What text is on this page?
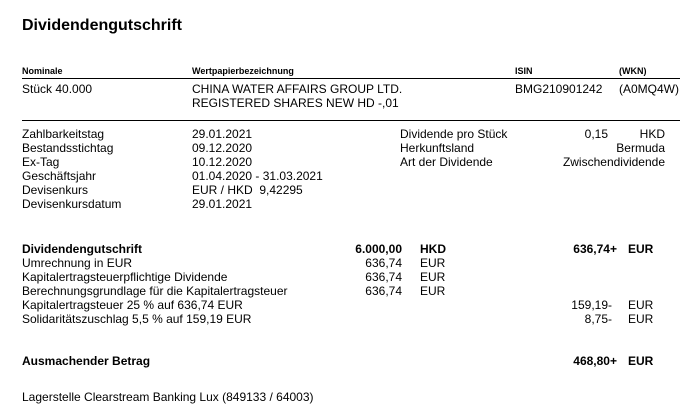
Dividendengutschrift
Nominale	Wertpapierbezeichnung	ISIN	(WKN)
Stück 40.000	CHINA WATER AFFAIRS GROUP LTD.
REGISTERED SHARES NEW HD -,01
BMG210901242 (A0MQ4W)
Zahlbarkeitstag	29.01.2021
Bestandsstichtag	09.12.2020
Ex-Tag	10.12.2020
Geschäftsjahr	01.04.2020 - 31.03.2021
Devisenkurs	EUR / HKD  9,42295
Devisenkursdatum	29.01.2021
Dividende pro Stück	0,15	HKD
Herkunftsland	Bermuda
Art der Dividende	Zwischendividende
Dividendengutschrift	6.000,00 HKD	636,74+ EUR
Umrechnung in EUR	636,74 EUR
Kapitalertragsteuerpflichtige Dividende	636,74 EUR
Berechnungsgrundlage für die Kapitalertragsteuer	636,74 EUR
Kapitalertragsteuer 25 % auf 636,74 EUR	159,19- EUR
Solidaritätszuschlag 5,5 % auf 159,19 EUR	8,75- EUR
Ausmachender Betrag	468,80+ EUR
Lagerstelle Clearstream Banking Lux (849133 / 64003)
